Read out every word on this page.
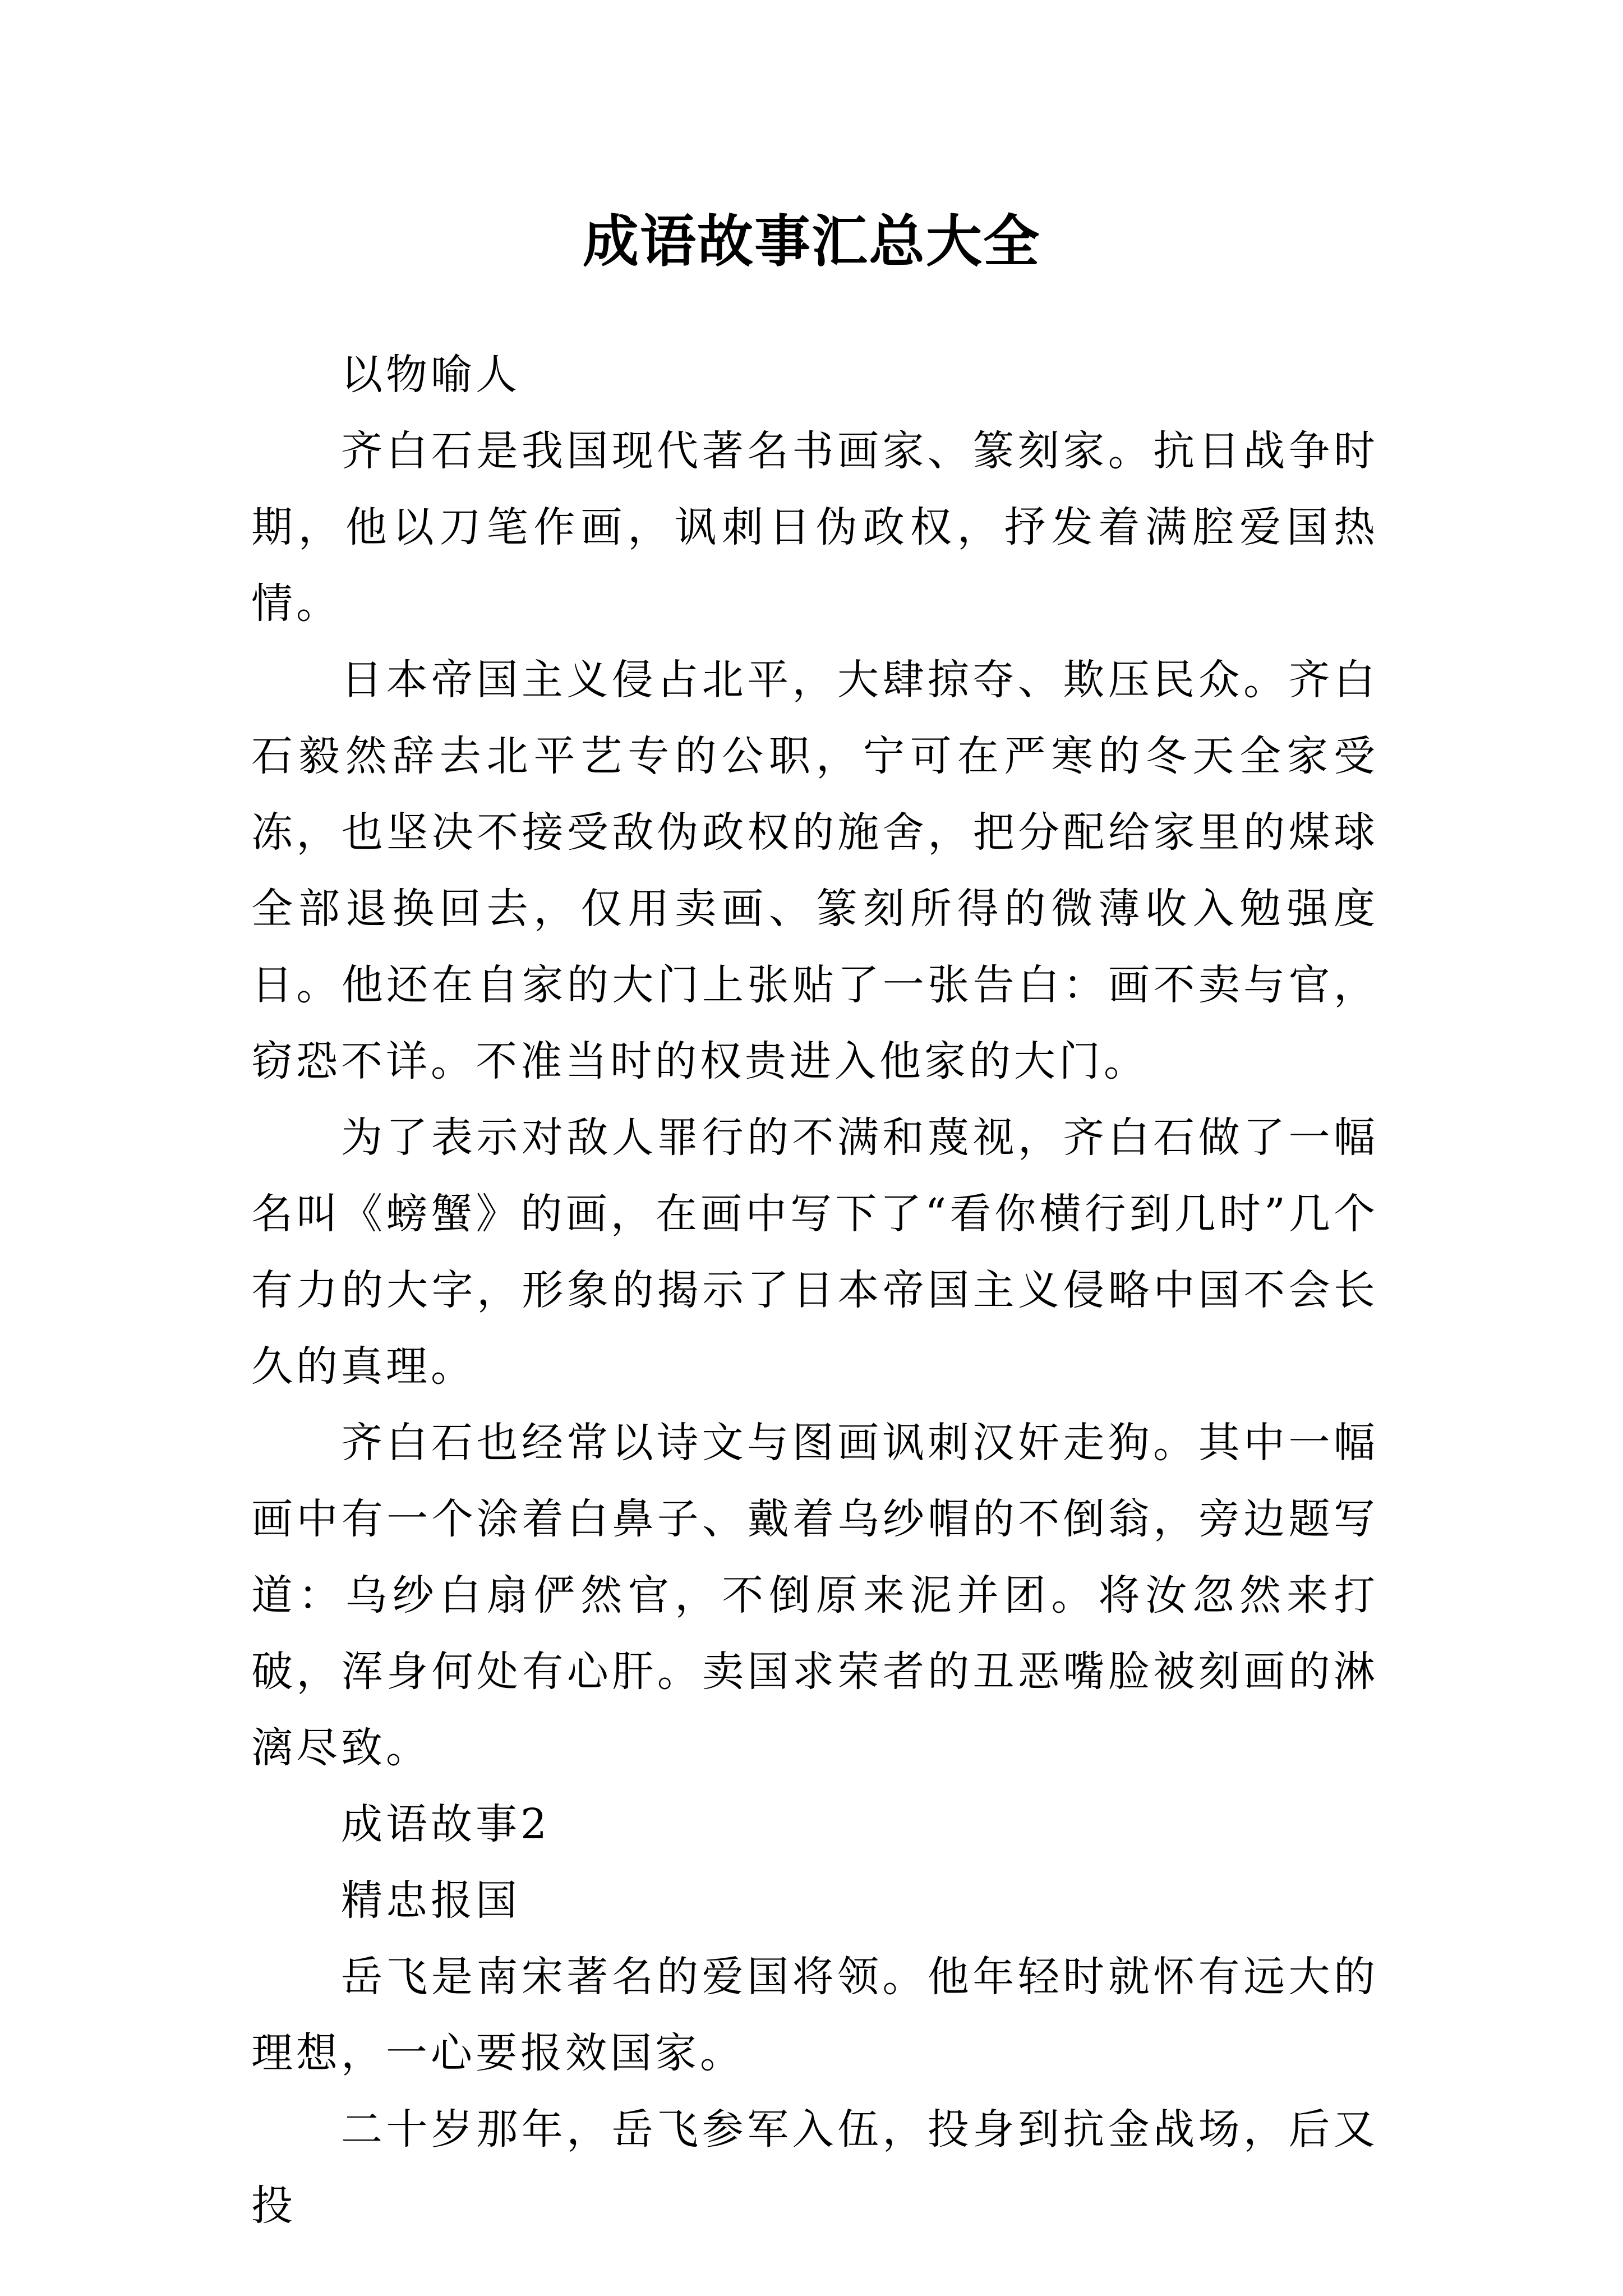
成语故事汇总大全

以物喻人

齐白石是我国现代著名书画家、篆刻家。抗日战争时期，他以刀笔作画，讽刺日伪政权，抒发着满腔爱国热情。

日本帝国主义侵占北平，大肆掠夺、欺压民众。齐白石毅然辞去北平艺专的公职，宁可在严寒的冬天全家受冻，也坚决不接受敌伪政权的施舍，把分配给家里的煤球全部退换回去，仅用卖画、篆刻所得的微薄收入勉强度日。他还在自家的大门上张贴了一张告白：画不卖与官，窃恐不详。不准当时的权贵进入他家的大门。

为了表示对敌人罪行的不满和蔑视，齐白石做了一幅名叫《螃蟹》的画，在画中写下了“看你横行到几时”几个有力的大字，形象的揭示了日本帝国主义侵略中国不会长久的真理。

齐白石也经常以诗文与图画讽刺汉奸走狗。其中一幅画中有一个涂着白鼻子、戴着乌纱帽的不倒翁，旁边题写道：乌纱白扇俨然官，不倒原来泥并团。将汝忽然来打破，浑身何处有心肝。卖国求荣者的丑恶嘴脸被刻画的淋漓尽致。

成语故事2

精忠报国

岳飞是南宋著名的爱国将领。他年轻时就怀有远大的理想，一心要报效国家。

二十岁那年，岳飞参军入伍，投身到抗金战场，后又投
